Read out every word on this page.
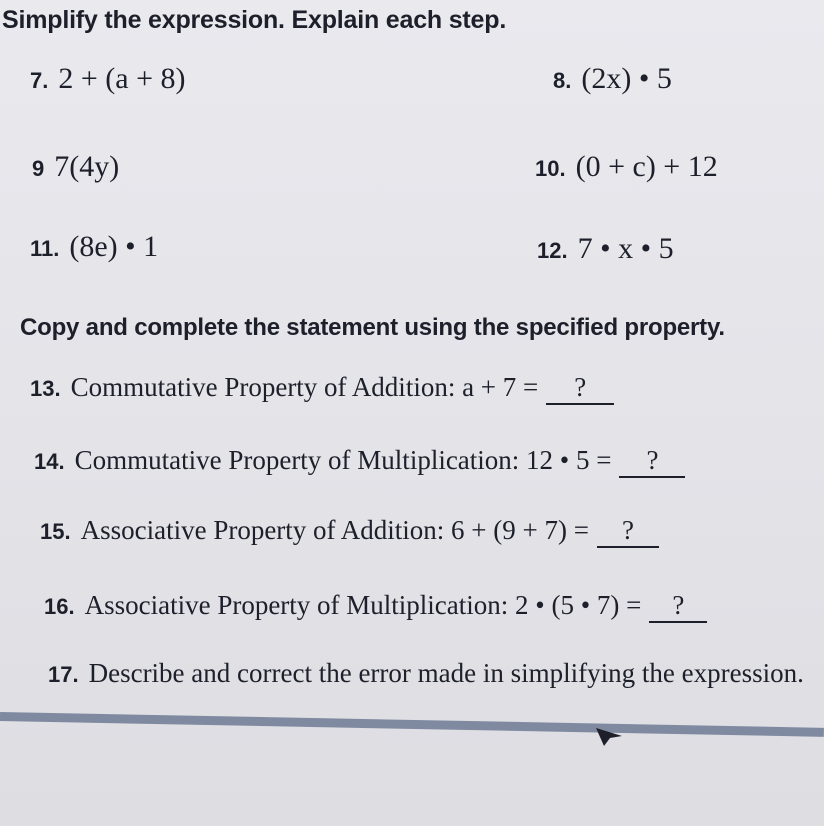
Simplify the expression. Explain each step.
7. 2 + (a + 8)	8. (2x) • 5
9 7(4y)	10. (0 + c) + 12
11. (8e) • 1	12. 7 • x • 5
Copy and complete the statement using the specified property.
13. Commutative Property of Addition: a + 7 = ?
14. Commutative Property of Multiplication: 12 • 5 = ?
15. Associative Property of Addition: 6 + (9 + 7) = ?
16. Associative Property of Multiplication: 2 • (5 • 7) = ?
17. Describe and correct the error made in simplifying the expression.
